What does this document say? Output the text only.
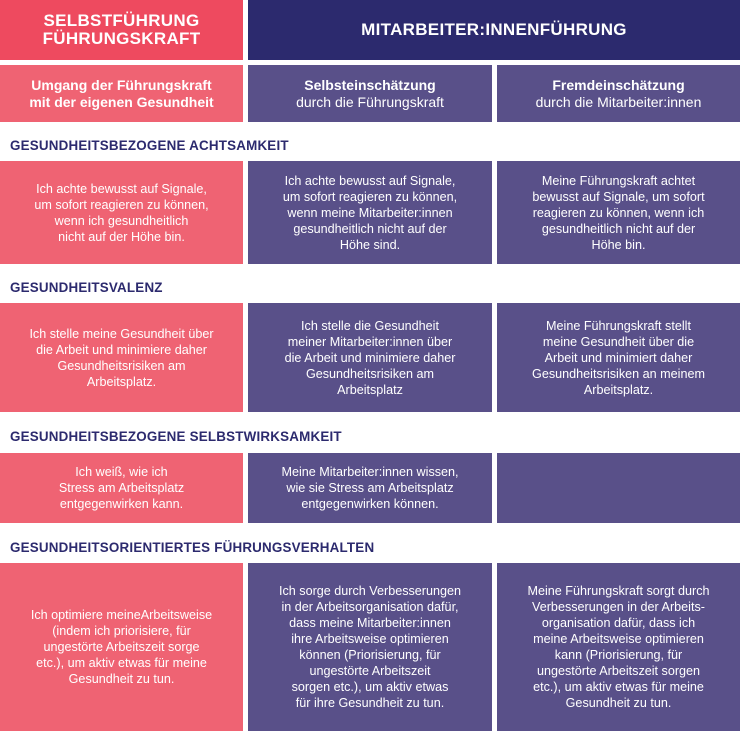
SELBSTFÜHRUNG
FÜHRUNGSKRAFT	MITARBEITER:INNENFÜHRUNG
Umgang der Führungskraft
mit der eigenen Gesundheit
Selbsteinschätzung
durch die Führungskraft
Fremdeinschätzung
durch die Mitarbeiter:innen
GESUNDHEITSBEZOGENE ACHTSAMKEIT
Ich achte bewusst auf Signale,
um sofort reagieren zu können,
wenn ich gesundheitlich
nicht auf der Höhe bin.
Ich achte bewusst auf Signale,
um sofort reagieren zu können,
wenn meine Mitarbeiter:innen
gesundheitlich nicht auf der
Höhe sind.
Meine Führungskraft achtet
bewusst auf Signale, um sofort
reagieren zu können, wenn ich
gesundheitlich nicht auf der
Höhe bin.
GESUNDHEITSVALENZ
Ich stelle meine Gesundheit über
die Arbeit und minimiere daher
Gesundheitsrisiken am
Arbeitsplatz.
Ich stelle die Gesundheit
meiner Mitarbeiter:innen über
die Arbeit und minimiere daher
Gesundheitsrisiken am
Arbeitsplatz
Meine Führungskraft stellt
meine Gesundheit über die
Arbeit und minimiert daher
Gesundheitsrisiken an meinem
Arbeitsplatz.
GESUNDHEITSBEZOGENE SELBSTWIRKSAMKEIT
Ich weiß, wie ich
Stress am Arbeitsplatz
entgegenwirken kann.
Meine Mitarbeiter:innen wissen,
wie sie Stress am Arbeitsplatz
entgegenwirken können.
GESUNDHEITSORIENTIERTES FÜHRUNGSVERHALTEN
Ich optimiere meineArbeitsweise
(indem ich priorisiere, für
ungestörte Arbeitszeit sorge
etc.), um aktiv etwas für meine
Gesundheit zu tun.
Ich sorge durch Verbesserungen
in der Arbeitsorganisation dafür,
dass meine Mitarbeiter:innen
ihre Arbeitsweise optimieren
können (Priorisierung, für
ungestörte Arbeitszeit
sorgen etc.), um aktiv etwas
für ihre Gesundheit zu tun.
Meine Führungskraft sorgt durch
Verbesserungen in der Arbeits-
organisation dafür, dass ich
meine Arbeitsweise optimieren
kann (Priorisierung, für
ungestörte Arbeitszeit sorgen
etc.), um aktiv etwas für meine
Gesundheit zu tun.
